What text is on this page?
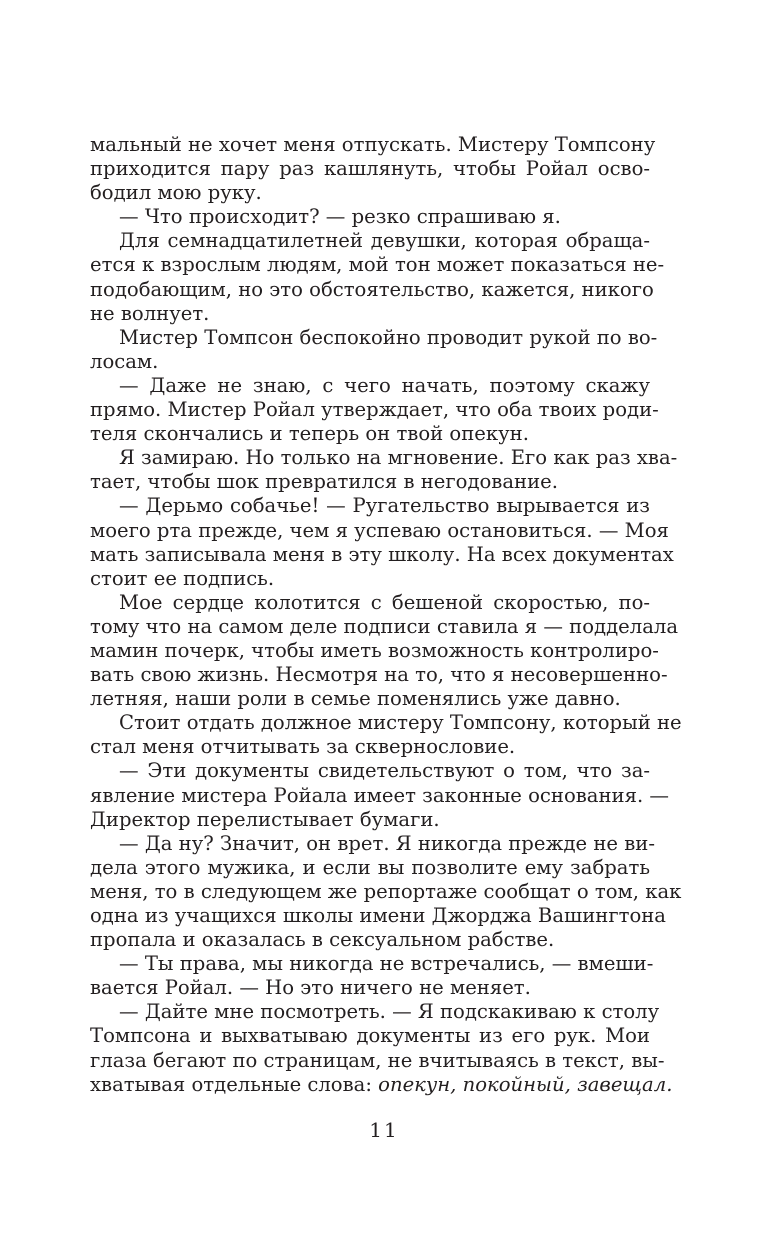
мальный не хочет меня отпускать. Мистеру Томпсону
приходится пару раз кашлянуть, чтобы Ройал осво-
бодил мою руку.
— Что происходит? — резко спрашиваю я.
Для семнадцатилетней девушки, которая обраща-
ется к взрослым людям, мой тон может показаться не-
подобающим, но это обстоятельство, кажется, никого
не волнует.
Мистер Томпсон беспокойно проводит рукой по во-
лосам.
— Даже не знаю, с чего начать, поэтому скажу
прямо. Мистер Ройал утверждает, что оба твоих роди-
теля скончались и теперь он твой опекун.
Я замираю. Но только на мгновение. Его как раз хва-
тает, чтобы шок превратился в негодование.
— Дерьмо собачье! — Ругательство вырывается из
моего рта прежде, чем я успеваю остановиться. — Моя
мать записывала меня в эту школу. На всех документах
стоит ее подпись.
Мое сердце колотится с бешеной скоростью, по-
тому что на самом деле подписи ставила я — подделала
мамин почерк, чтобы иметь возможность контролиро-
вать свою жизнь. Несмотря на то, что я несовершенно-
летняя, наши роли в семье поменялись уже давно.
Стоит отдать должное мистеру Томпсону, который не
стал меня отчитывать за сквернословие.
— Эти документы свидетельствуют о том, что за-
явление мистера Ройала имеет законные основания. —
Директор перелистывает бумаги.
— Да ну? Значит, он врет. Я никогда прежде не ви-
дела этого мужика, и если вы позволите ему забрать
меня, то в следующем же репортаже сообщат о том, как
одна из учащихся школы имени Джорджа Вашингтона
пропала и оказалась в сексуальном рабстве.
— Ты права, мы никогда не встречались, — вмеши-
вается Ройал. — Но это ничего не меняет.
— Дайте мне посмотреть. — Я подскакиваю к столу
Томпсона и выхватываю документы из его рук. Мои
глаза бегают по страницам, не вчитываясь в текст, вы-
хватывая отдельные слова: опекун, покойный, завещал.
11
